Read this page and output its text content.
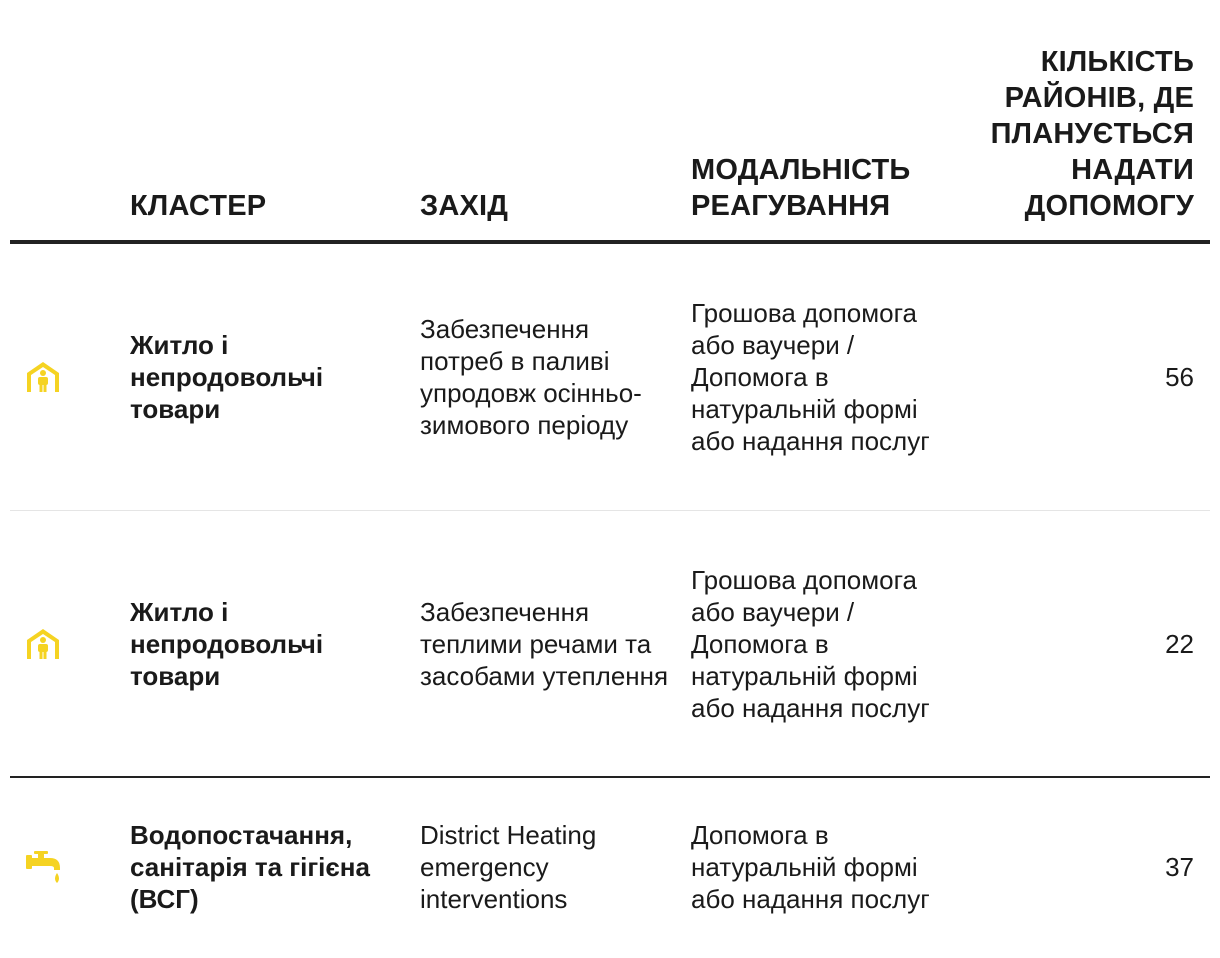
КЛАСТЕР	ЗАХІД
МОДАЛЬНІСТЬ РЕАГУВАННЯ
КІЛЬКІСТЬ РАЙОНІВ, ДЕ ПЛАНУЄТЬСЯ НАДАТИ ДОПОМОГУ
Житло і непродовольчі товари
Забезпечення потреб в паливі упродовж осінньо-зимового періоду
Грошова допомога або ваучери / Допомога в натуральній формі або надання послуг
56
Житло і непродовольчі товари
Забезпечення теплими речами та засобами утеплення
Грошова допомога або ваучери / Допомога в натуральній формі або надання послуг
22
Водопостачання, санітарія та гігієна (ВСГ)
District Heating emergency interventions
Допомога в натуральній формі або надання послуг
37
